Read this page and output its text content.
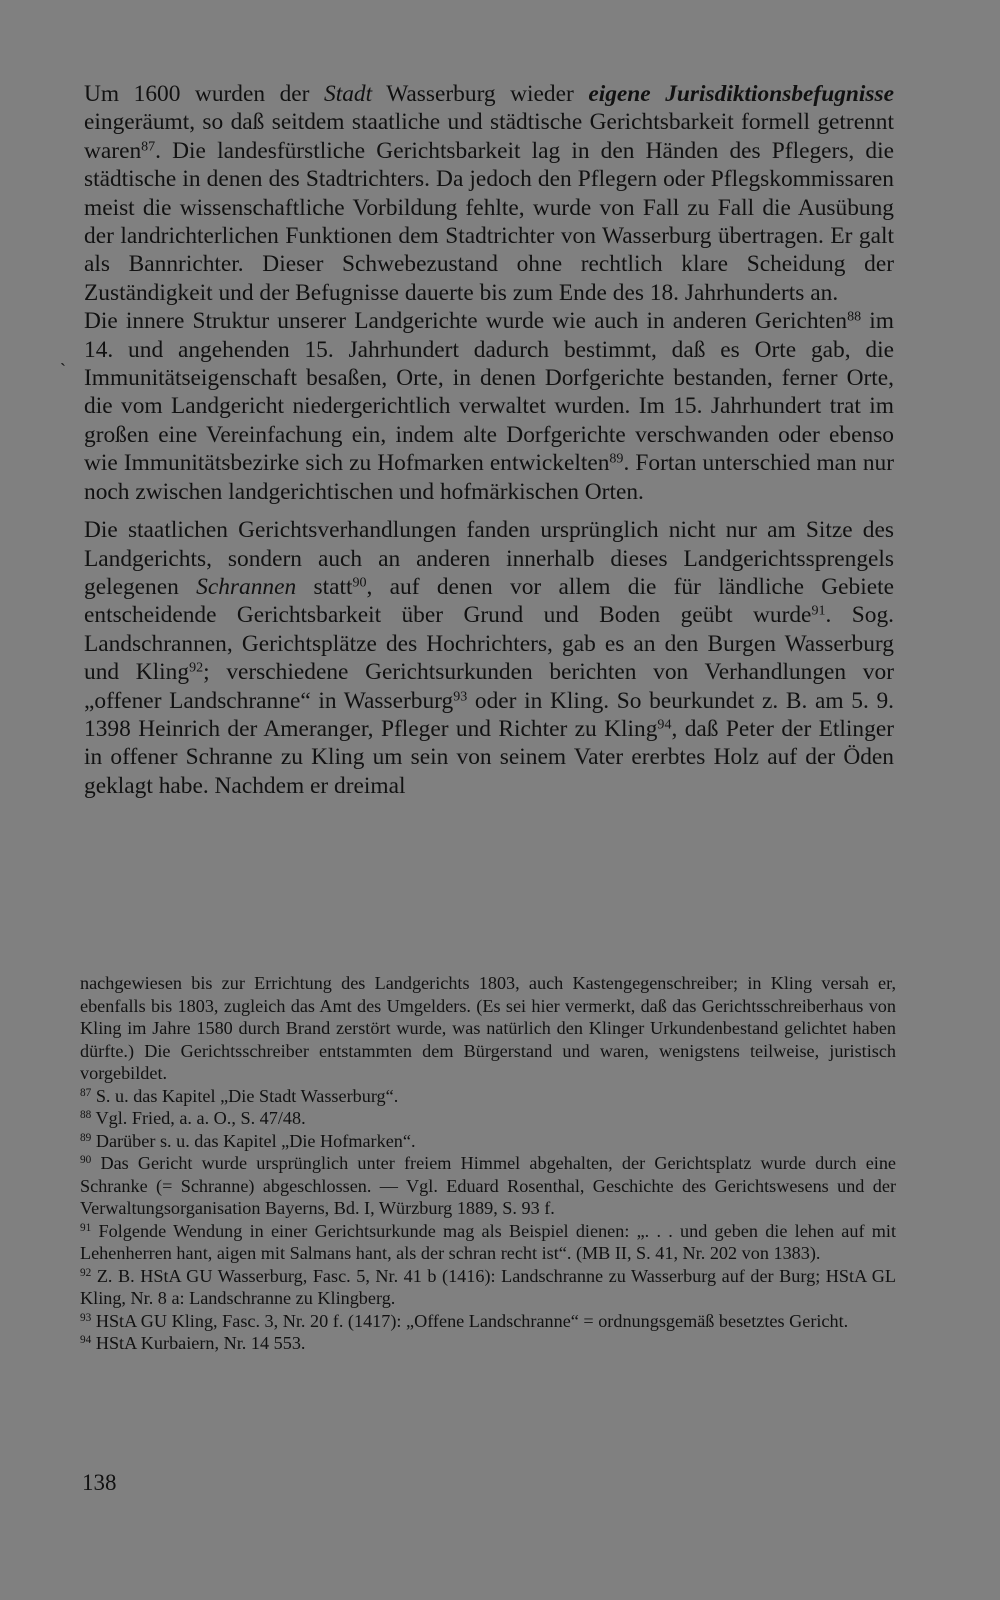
Um 1600 wurden der Stadt Wasserburg wieder eigene Jurisdiktionsbefugnisse eingeräumt, so daß seitdem staatliche und städtische Gerichtsbarkeit formell getrennt waren$^{87}$. Die landesfürstliche Gerichtsbarkeit lag in den Händen des Pflegers, die städtische in denen des Stadtrichters. Da jedoch den Pflegern oder Pflegskommissaren meist die wissenschaftliche Vorbildung fehlte, wurde von Fall zu Fall die Ausübung der landrichterlichen Funktionen dem Stadtrichter von Wasserburg übertragen. Er galt als Bannrichter. Dieser Schwebezustand ohne rechtlich klare Scheidung der Zuständigkeit und der Befugnisse dauerte bis zum Ende des 18. Jahrhunderts an.

Die innere Struktur unserer Landgerichte wurde wie auch in anderen Gerichten$^{88}$ im 14. und angehenden 15. Jahrhundert dadurch bestimmt, daß es Orte gab, die Immunitätseigenschaft besaßen, Orte, in denen Dorfgerichte bestanden, ferner Orte, die vom Landgericht niedergerichtlich verwaltet wurden. Im 15. Jahrhundert trat im großen eine Vereinfachung ein, indem alte Dorfgerichte verschwanden oder ebenso wie Immunitätsbezirke sich zu Hofmarken entwickelten$^{89}$. Fortan unterschied man nur noch zwischen landgerichtischen und hofmärkischen Orten.

Die staatlichen Gerichtsverhandlungen fanden ursprünglich nicht nur am Sitze des Landgerichts, sondern auch an anderen innerhalb dieses Landgerichtssprengels gelegenen Schrannen statt$^{90}$, auf denen vor allem die für ländliche Gebiete entscheidende Gerichtsbarkeit über Grund und Boden geübt wurde$^{91}$. Sog. Landschrannen, Gerichtsplätze des Hochrichters, gab es an den Burgen Wasserburg und Kling$^{92}$; verschiedene Gerichtsurkunden berichten von Verhandlungen vor „offener Landschranne“ in Wasserburg$^{93}$ oder in Kling. So beurkundet z. B. am 5. 9. 1398 Heinrich der Ameranger, Pfleger und Richter zu Kling$^{94}$, daß Peter der Etlinger in offener Schranne zu Kling um sein von seinem Vater ererbtes Holz auf der Öden geklagt habe. Nachdem er dreimal

ˎ

nachgewiesen bis zur Errichtung des Landgerichts 1803, auch Kastengegenschreiber; in Kling versah er, ebenfalls bis 1803, zugleich das Amt des Umgelders. (Es sei hier vermerkt, daß das Gerichtsschreiberhaus von Kling im Jahre 1580 durch Brand zerstört wurde, was natürlich den Klinger Urkundenbestand gelichtet haben dürfte.) Die Gerichtsschreiber entstammten dem Bürgerstand und waren, wenigstens teilweise, juristisch vorgebildet.

$^{87}$ S. u. das Kapitel „Die Stadt Wasserburg“.

$^{88}$ Vgl. Fried, a. a. O., S. 47/48.

$^{89}$ Darüber s. u. das Kapitel „Die Hofmarken“.

$^{90}$ Das Gericht wurde ursprünglich unter freiem Himmel abgehalten, der Gerichtsplatz wurde durch eine Schranke (= Schranne) abgeschlossen. — Vgl. Eduard Rosenthal, Geschichte des Gerichtswesens und der Verwaltungsorganisation Bayerns, Bd. I, Würzburg 1889, S. 93 f.

$^{91}$ Folgende Wendung in einer Gerichtsurkunde mag als Beispiel dienen: „. . . und geben die lehen auf mit Lehenherren hant, aigen mit Salmans hant, als der schran recht ist“. (MB II, S. 41, Nr. 202 von 1383).

$^{92}$ Z. B. HStA GU Wasserburg, Fasc. 5, Nr. 41 b (1416): Landschranne zu Wasserburg auf der Burg; HStA GL Kling, Nr. 8 a: Landschranne zu Klingberg.

$^{93}$ HStA GU Kling, Fasc. 3, Nr. 20 f. (1417): „Offene Landschranne“ = ordnungsgemäß besetztes Gericht.

$^{94}$ HStA Kurbaiern, Nr. 14 553.

138
